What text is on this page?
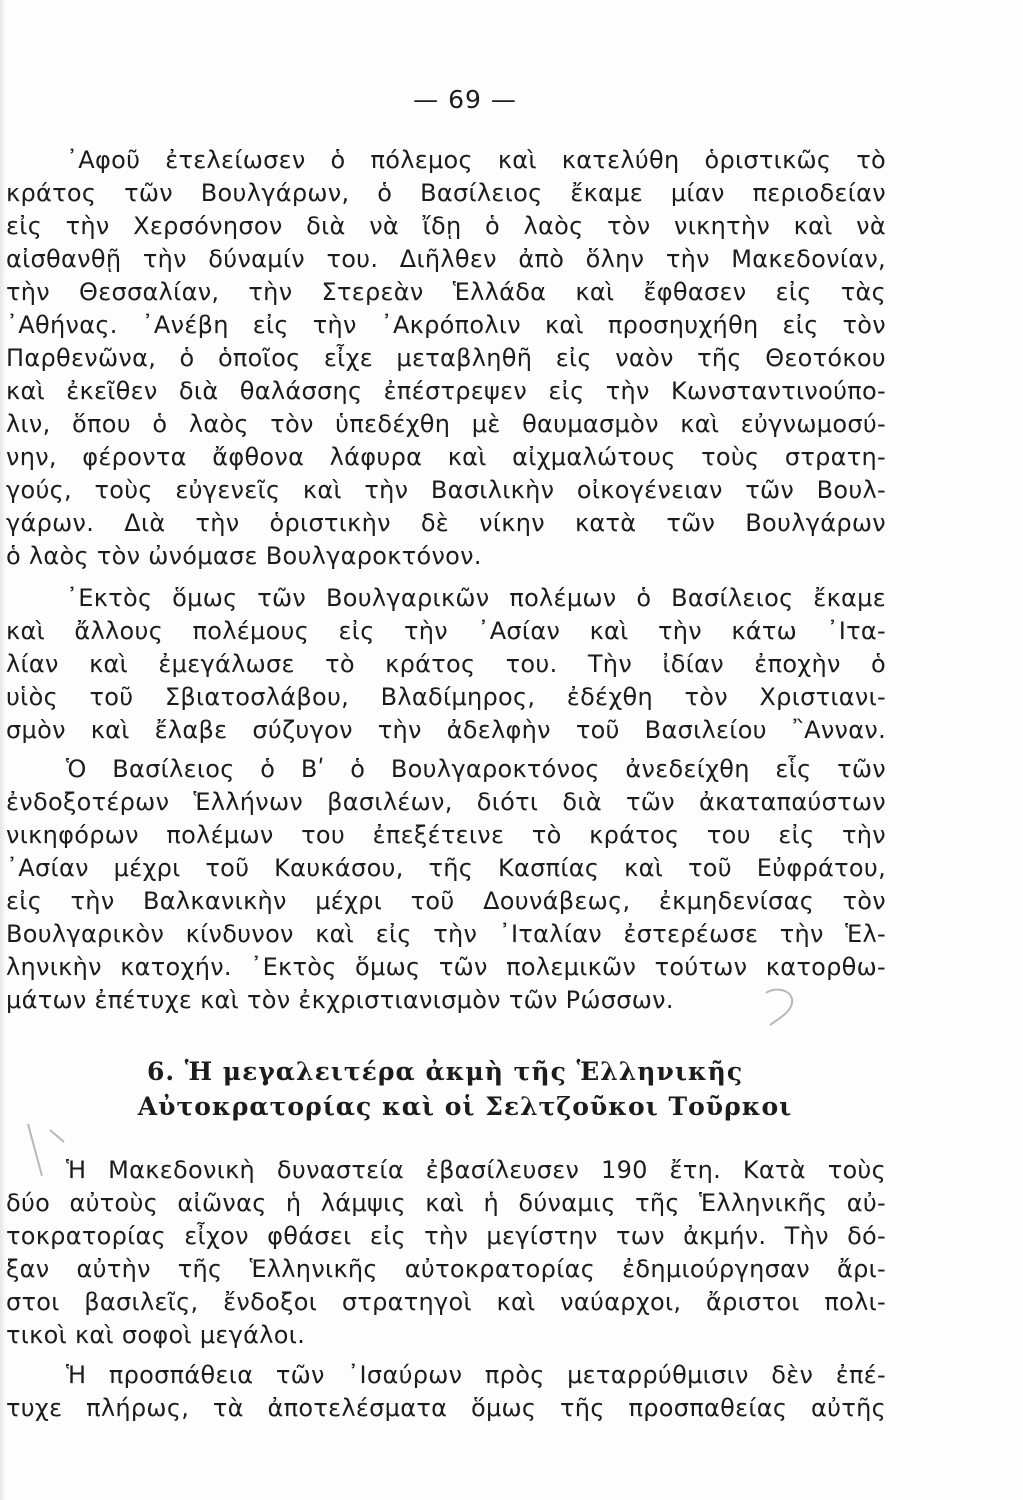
— 69 —
᾽Αφοῦ ἐτελείωσεν ὁ πόλεμος καὶ κατελύθη ὁριστικῶς τὸ
κράτος τῶν Βουλγάρων, ὁ Βασίλειος ἔκαμε μίαν περιοδείαν
εἰς τὴν Χερσόνησον διὰ νὰ ἴδῃ ὁ λαὸς τὸν νικητὴν καὶ νὰ
αἰσθανθῇ τὴν δύναμίν του. Διῆλθεν ἀπὸ ὅλην τὴν Μακεδονίαν,
τὴν Θεσσαλίαν, τὴν Στερεὰν Ἑλλάδα καὶ ἔφθασεν εἰς τὰς
᾽Αθήνας. ᾽Ανέβη εἰς τὴν ᾽Ακρόπολιν καὶ προσηυχήθη εἰς τὸν
Παρθενῶνα, ὁ ὁποῖος εἶχε μεταβληθῆ εἰς ναὸν τῆς Θεοτόκου
καὶ ἐκεῖθεν διὰ θαλάσσης ἐπέστρεψεν εἰς τὴν Κωνσταντινούπο-
λιν, ὅπου ὁ λαὸς τὸν ὑπεδέχθη μὲ θαυμασμὸν καὶ εὐγνωμοσύ-
νην, φέροντα ἄφθονα λάφυρα καὶ αἰχμαλώτους τοὺς στρατη-
γούς, τοὺς εὐγενεῖς καὶ τὴν Βασιλικὴν οἰκογένειαν τῶν Βουλ-
γάρων. Διὰ τὴν ὁριστικὴν δὲ νίκην κατὰ τῶν Βουλγάρων
ὁ λαὸς τὸν ὠνόμασε Βουλγαροκτόνον.
᾽Εκτὸς ὅμως τῶν Βουλγαρικῶν πολέμων ὁ Βασίλειος ἔκαμε
καὶ ἄλλους πολέμους εἰς τὴν ᾽Ασίαν καὶ τὴν κάτω ᾽Ιτα-
λίαν καὶ ἐμεγάλωσε τὸ κράτος του. Τὴν ἰδίαν ἐποχὴν ὁ
υἱὸς τοῦ Σβιατοσλάβου, Βλαδίμηρος, ἐδέχθη τὸν Χριστιανι-
σμὸν καὶ ἔλαβε σύζυγον τὴν ἀδελφὴν τοῦ Βασιλείου ῍Ανναν.
Ὁ Βασίλειος ὁ Βʹ ὁ Βουλγαροκτόνος ἀνεδείχθη εἷς τῶν
ἐνδοξοτέρων Ἑλλήνων βασιλέων, διότι διὰ τῶν ἀκαταπαύστων
νικηφόρων πολέμων του ἐπεξέτεινε τὸ κράτος του εἰς τὴν
᾽Ασίαν μέχρι τοῦ Καυκάσου, τῆς Κασπίας καὶ τοῦ Εὐφράτου,
εἰς τὴν Βαλκανικὴν μέχρι τοῦ Δουνάβεως, ἐκμηδενίσας τὸν
Βουλγαρικὸν κίνδυνον καὶ εἰς τὴν ᾽Ιταλίαν ἐστερέωσε τὴν Ἑλ-
ληνικὴν κατοχήν. ᾽Εκτὸς ὅμως τῶν πολεμικῶν τούτων κατορθω-
μάτων ἐπέτυχε καὶ τὸν ἐκχριστιανισμὸν τῶν Ρώσσων.
6. Ἡ μεγαλειτέρα ἀκμὴ τῆς Ἑλληνικῆς
Αὐτοκρατορίας καὶ οἱ Σελτζοῦκοι Τοῦρκοι
Ἡ Μακεδονικὴ δυναστεία ἐβασίλευσεν 190 ἔτη. Κατὰ τοὺς
δύο αὐτοὺς αἰῶνας ἡ λάμψις καὶ ἡ δύναμις τῆς Ἑλληνικῆς αὐ-
τοκρατορίας εἶχον φθάσει εἰς τὴν μεγίστην των ἀκμήν. Τὴν δό-
ξαν αὐτὴν τῆς Ἑλληνικῆς αὐτοκρατορίας ἐδημιούργησαν ἄρι-
στοι βασιλεῖς, ἔνδοξοι στρατηγοὶ καὶ ναύαρχοι, ἄριστοι πολι-
τικοὶ καὶ σοφοὶ μεγάλοι.
Ἡ προσπάθεια τῶν ᾽Ισαύρων πρὸς μεταρρύθμισιν δὲν ἐπέ-
τυχε πλήρως, τὰ ἀποτελέσματα ὅμως τῆς προσπαθείας αὐτῆς
